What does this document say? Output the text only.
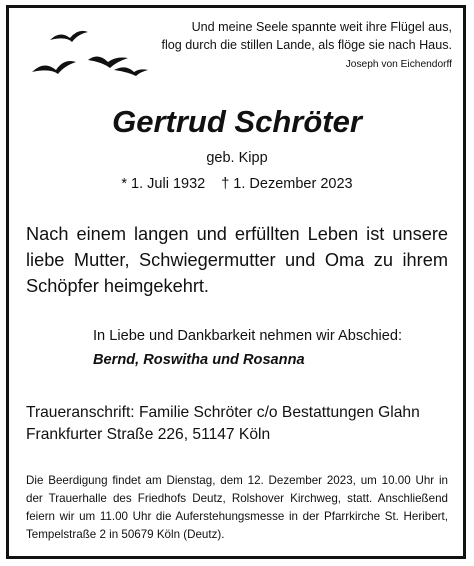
Und meine Seele spannte weit ihre Flügel aus,
flog durch die stillen Lande, als flöge sie nach Haus.
Joseph von Eichendorff
Gertrud Schröter
geb. Kipp
* 1. Juli 1932 † 1. Dezember 2023
Nach einem langen und erfüllten Leben ist unsere liebe Mutter, Schwiegermutter und Oma zu ihrem Schöpfer heimgekehrt.
In Liebe und Dankbarkeit nehmen wir Abschied:
Bernd, Roswitha und Rosanna
Traueranschrift: Familie Schröter c/o Bestattungen Glahn
Frankfurter Straße 226, 51147 Köln
Die Beerdigung findet am Dienstag, dem 12. Dezember 2023, um 10.00 Uhr in der Trauerhalle des Friedhofs Deutz, Rolshover Kirchweg, statt. Anschließend feiern wir um 11.00 Uhr die Auferstehungsmesse in der Pfarrkirche St. Heribert, Tempelstraße 2 in 50679 Köln (Deutz).
